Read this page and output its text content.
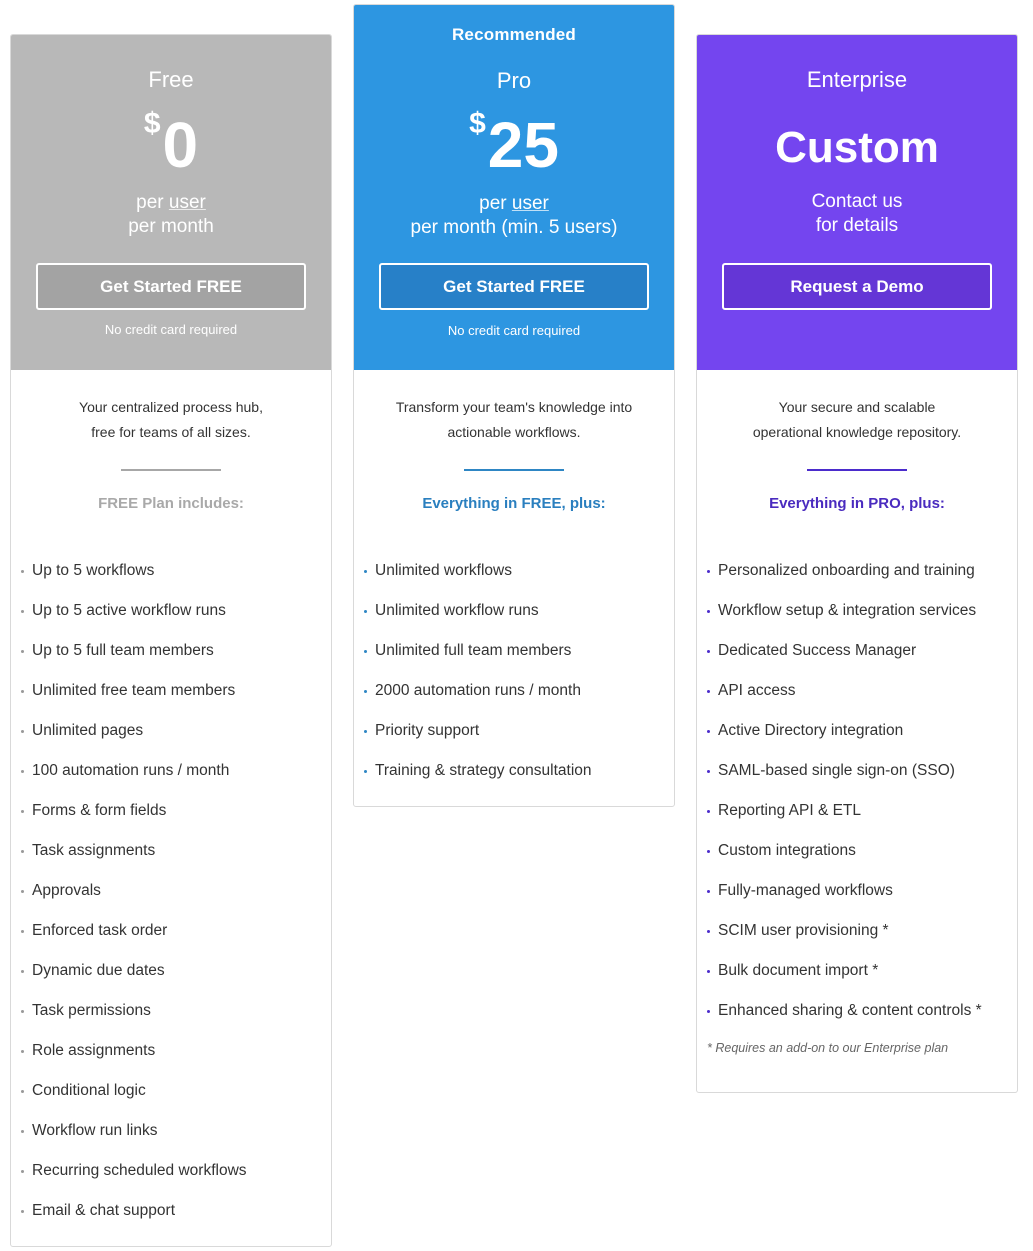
Free
$0
per user
per month
Get Started FREE
No credit card required
Your centralized process hub,
free for teams of all sizes.
FREE Plan includes:
Up to 5 workflows
Up to 5 active workflow runs
Up to 5 full team members
Unlimited free team members
Unlimited pages
100 automation runs / month
Forms & form fields
Task assignments
Approvals
Enforced task order
Dynamic due dates
Task permissions
Role assignments
Conditional logic
Workflow run links
Recurring scheduled workflows
Email & chat support
Recommended
Pro
$25
per user
per month (min. 5 users)
Get Started FREE
No credit card required
Transform your team's knowledge into
actionable workflows.
Everything in FREE, plus:
Unlimited workflows
Unlimited workflow runs
Unlimited full team members
2000 automation runs / month
Priority support
Training & strategy consultation
Enterprise
Custom
Contact us
for details
Request a Demo
Your secure and scalable
operational knowledge repository.
Everything in PRO, plus:
Personalized onboarding and training
Workflow setup & integration services
Dedicated Success Manager
API access
Active Directory integration
SAML-based single sign-on (SSO)
Reporting API & ETL
Custom integrations
Fully-managed workflows
SCIM user provisioning *
Bulk document import *
Enhanced sharing & content controls *
* Requires an add-on to our Enterprise plan
